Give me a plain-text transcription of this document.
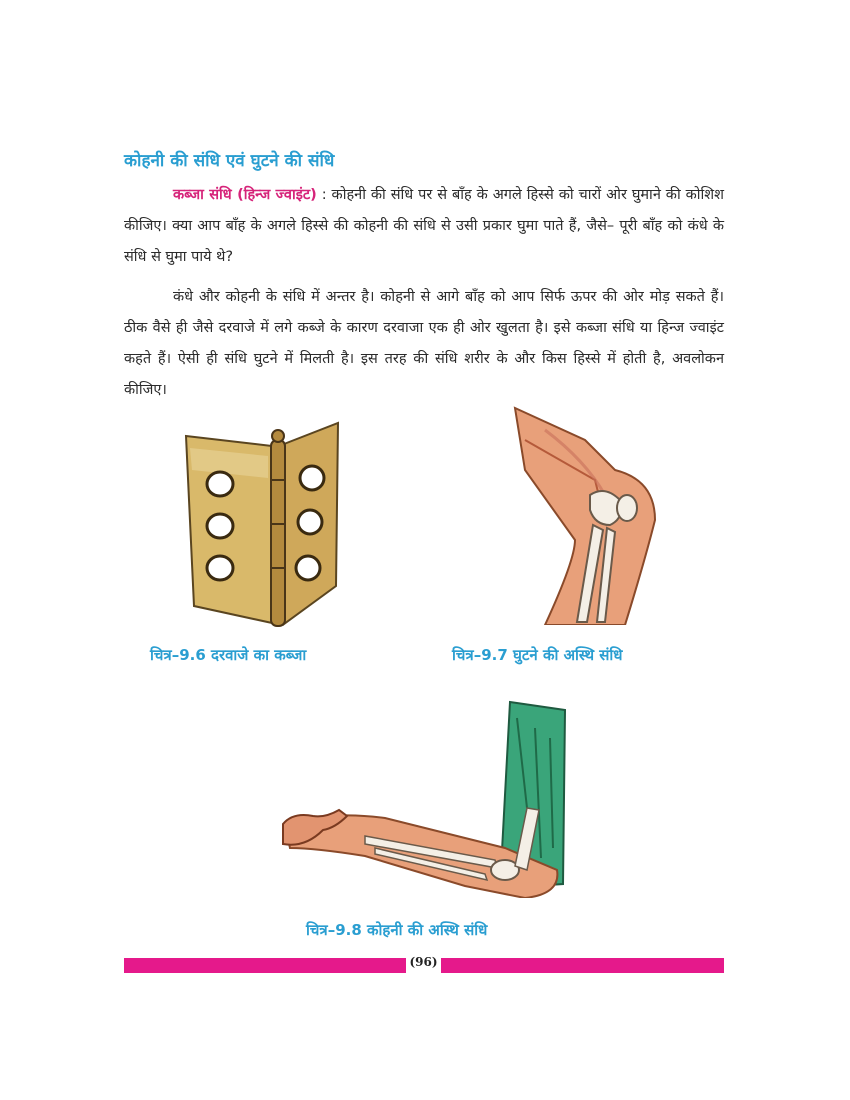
कोहनी की संधि एवं घुटने की संधि

कब्जा संधि (हिन्ज ज्वाइंट) : कोहनी की संधि पर से बाँह के अगले हिस्से को चारों ओर घुमाने की कोशिश कीजिए। क्या आप बाँह के अगले हिस्से की कोहनी की संधि से उसी प्रकार घुमा पाते हैं, जैसे– पूरी बाँह को कंधे के संधि से घुमा पाये थे?

कंधे और कोहनी के संधि में अन्तर है। कोहनी से आगे बाँह को आप सिर्फ ऊपर की ओर मोड़ सकते हैं। ठीक वैसे ही जैसे दरवाजे में लगे कब्जे के कारण दरवाजा एक ही ओर खुलता है। इसे कब्जा संधि या हिन्ज ज्वाइंट कहते हैं। ऐसी ही संधि घुटने में मिलती है। इस तरह की संधि शरीर के और किस हिस्से में होती है, अवलोकन कीजिए।

चित्र–9.6 दरवाजे का कब्जा	चित्र–9.7 घुटने की अस्थि संधि
चित्र–9.8 कोहनी की अस्थि संधि
(96)
